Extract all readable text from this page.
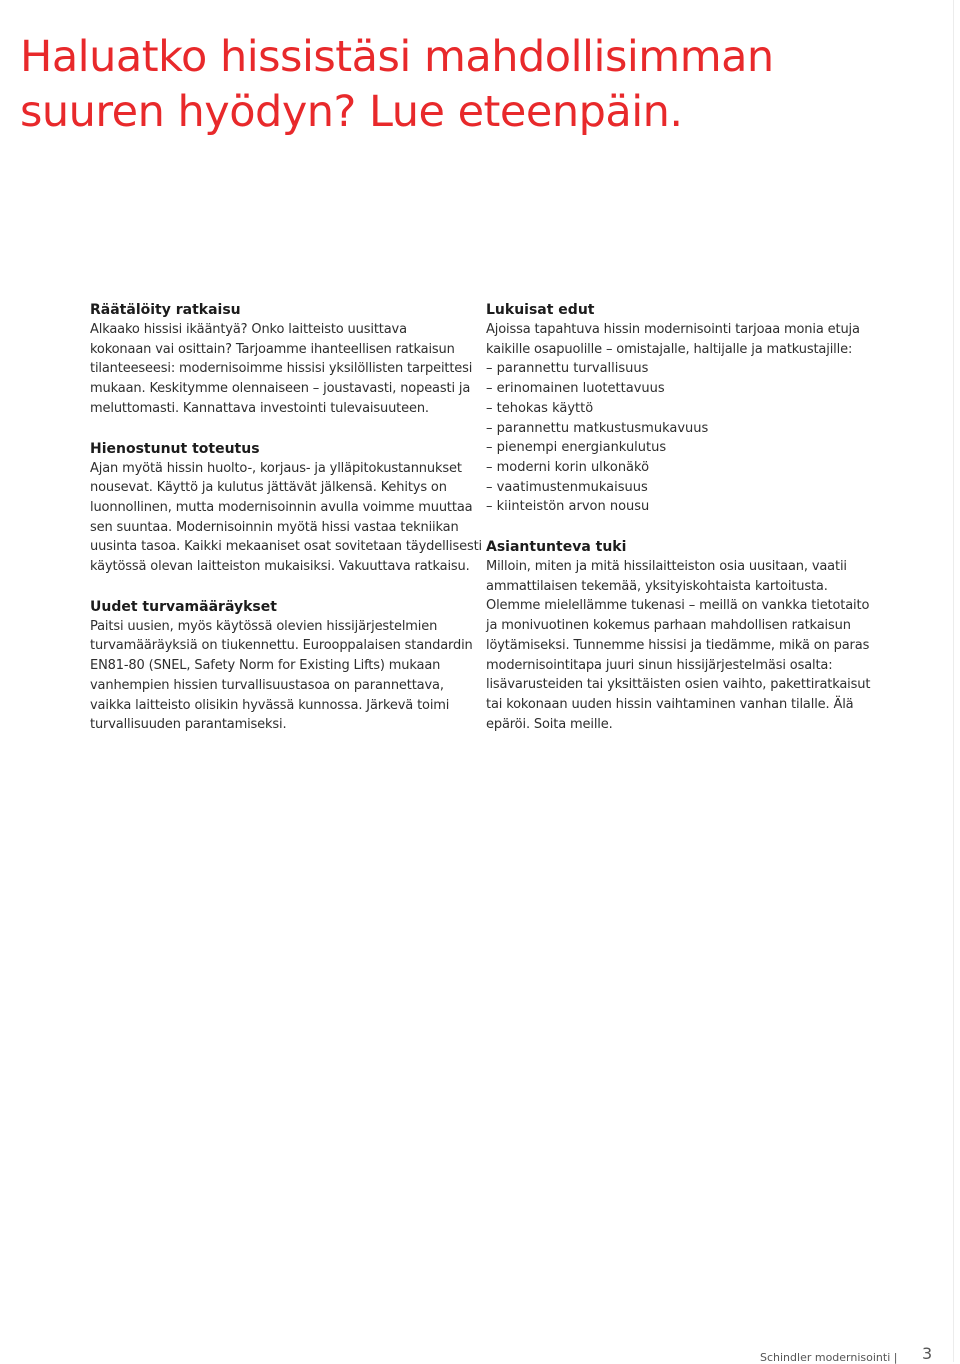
Haluatko hissistäsi mahdollisimman
suuren hyödyn? Lue eteenpäin.
Räätälöity ratkaisu
Alkaako hissisi ikääntyä? Onko laitteisto uusittava
kokonaan vai osittain? Tarjoamme ihanteellisen ratkaisun
tilanteeseesi: modernisoimme hissisi yksilöllisten tarpeittesi
mukaan. Keskitymme olennaiseen – joustavasti, nopeasti ja
meluttomasti. Kannattava investointi tulevaisuuteen.
Hienostunut toteutus
Ajan myötä hissin huolto-, korjaus- ja ylläpitokustannukset
nousevat. Käyttö ja kulutus jättävät jälkensä. Kehitys on
luonnollinen, mutta modernisoinnin avulla voimme muuttaa
sen suuntaa. Modernisoinnin myötä hissi vastaa tekniikan
uusinta tasoa. Kaikki mekaaniset osat sovitetaan täydellisesti
käytössä olevan laitteiston mukaisiksi. Vakuuttava ratkaisu.
Uudet turvamääräykset
Paitsi uusien, myös käytössä olevien hissijärjestelmien
turvamääräyksiä on tiukennettu. Eurooppalaisen standardin
EN81-80 (SNEL, Safety Norm for Existing Lifts) mukaan
vanhempien hissien turvallisuustasoa on parannettava,
vaikka laitteisto olisikin hyvässä kunnossa. Järkevä toimi
turvallisuuden parantamiseksi.
Lukuisat edut
Ajoissa tapahtuva hissin modernisointi tarjoaa monia etuja
kaikille osapuolille – omistajalle, haltijalle ja matkustajille:
– parannettu turvallisuus
– erinomainen luotettavuus
– tehokas käyttö
– parannettu matkustusmukavuus
– pienempi energiankulutus
– moderni korin ulkonäkö
– vaatimustenmukaisuus
– kiinteistön arvon nousu
Asiantunteva tuki
Milloin, miten ja mitä hissilaitteiston osia uusitaan, vaatii
ammattilaisen tekemää, yksityiskohtaista kartoitusta.
Olemme mielellämme tukenasi – meillä on vankka tietotaito
ja monivuotinen kokemus parhaan mahdollisen ratkaisun
löytämiseksi. Tunnemme hissisi ja tiedämme, mikä on paras
modernisointitapa juuri sinun hissijärjestelmäsi osalta:
lisävarusteiden tai yksittäisten osien vaihto, pakettiratkaisut
tai kokonaan uuden hissin vaihtaminen vanhan tilalle. Älä
epäröi. Soita meille.
Schindler modernisointi | 3
